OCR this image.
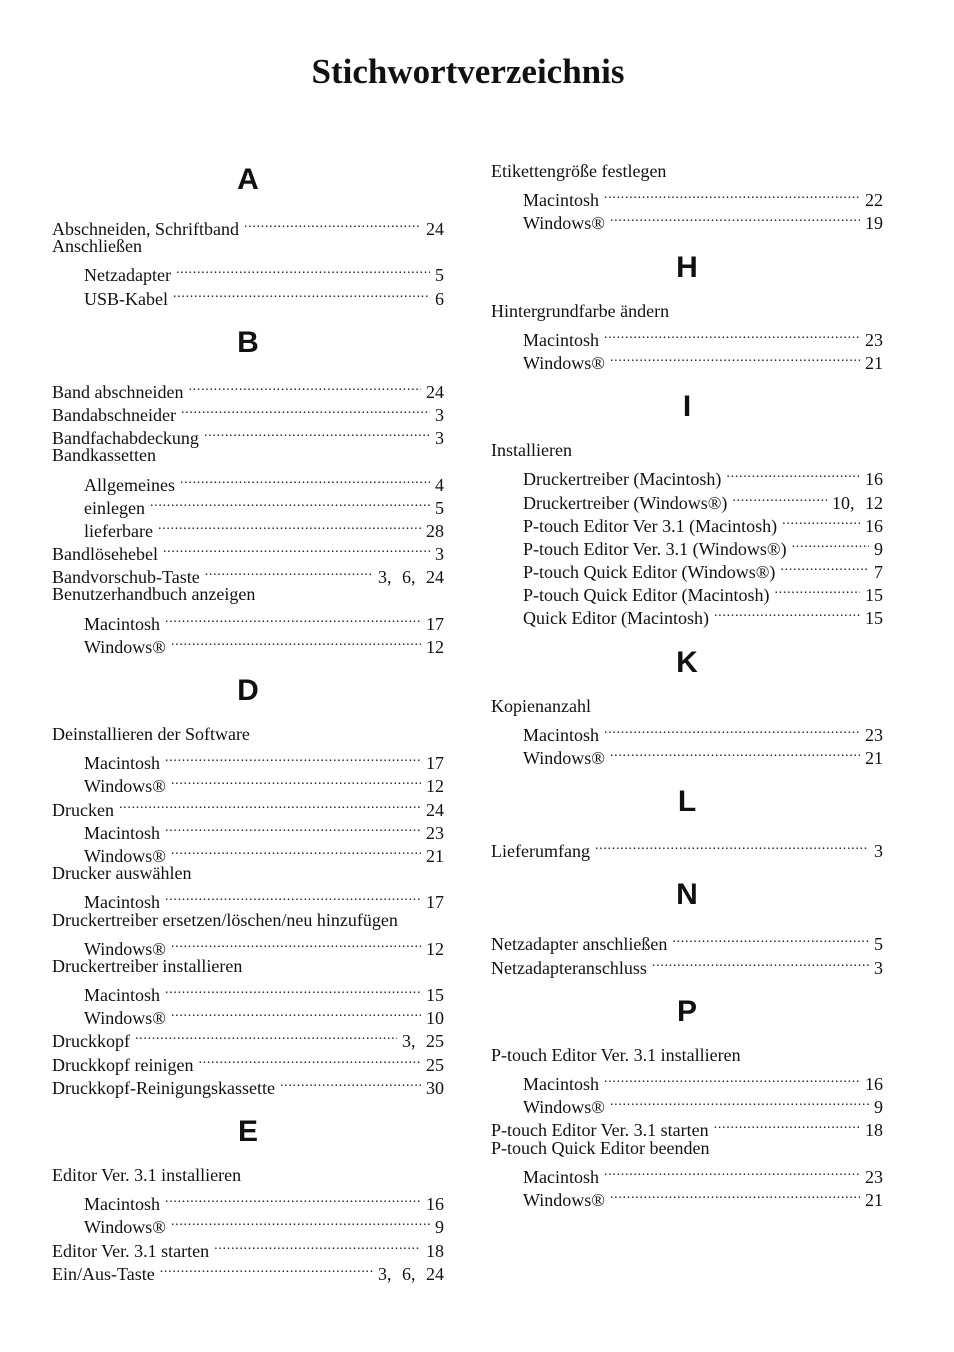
Stichwortverzeichnis
A
Abschneiden, Schriftband . . .	24
Anschließen
Netzadapter . . .	5
USB-Kabel . . .	6
B
Band abschneiden . . .	24
Bandabschneider . . .	3
Bandfachabdeckung . . .	3
Bandkassetten
Allgemeines . . .	4
einlegen . . .	5
lieferbare . . .	28
Bandlösehebel . . .	3
Bandvorschub-Taste . . .	3, 6, 24
Benutzerhandbuch anzeigen
Macintosh . . .	17
Windows® . . .	12
D
Deinstallieren der Software
Macintosh . . .	17
Windows® . . .	12
Drucken . . .	24
Macintosh . . .	23
Windows® . . .	21
Drucker auswählen
Macintosh . . .	17
Druckertreiber ersetzen/löschen/neu hinzufügen
Windows® . . .	12
Druckertreiber installieren
Macintosh . . .	15
Windows® . . .	10
Druckkopf . . .	3, 25
Druckkopf reinigen . . .	25
Druckkopf-Reinigungskassette . . .	30
E
Editor Ver. 3.1 installieren
Macintosh . . .	16
Windows® . . .	9
Editor Ver. 3.1 starten . . .	18
Ein/Aus-Taste . . .	3, 6, 24
Etikettengröße festlegen
Macintosh . . .	22
Windows® . . .	19
H
Hintergrundfarbe ändern
Macintosh . . .	23
Windows® . . .	21
I
Installieren
Druckertreiber (Macintosh) . . .	16
Druckertreiber (Windows®) . . .	10, 12
P-touch Editor Ver 3.1 (Macintosh) . . .	16
P-touch Editor Ver. 3.1 (Windows®) . . .	9
P-touch Quick Editor (Windows®) . . .	7
P-touch Quick Editor (Macintosh) . . .	15
Quick Editor (Macintosh) . . .	15
K
Kopienanzahl
Macintosh . . .	23
Windows® . . .	21
L
Lieferumfang . . .	3
N
Netzadapter anschließen . . .	5
Netzadapteranschluss . . .	3
P
P-touch Editor Ver. 3.1 installieren
Macintosh . . .	16
Windows® . . .	9
P-touch Editor Ver. 3.1 starten . . .	18
P-touch Quick Editor beenden
Macintosh . . .	23
Windows® . . .	21
